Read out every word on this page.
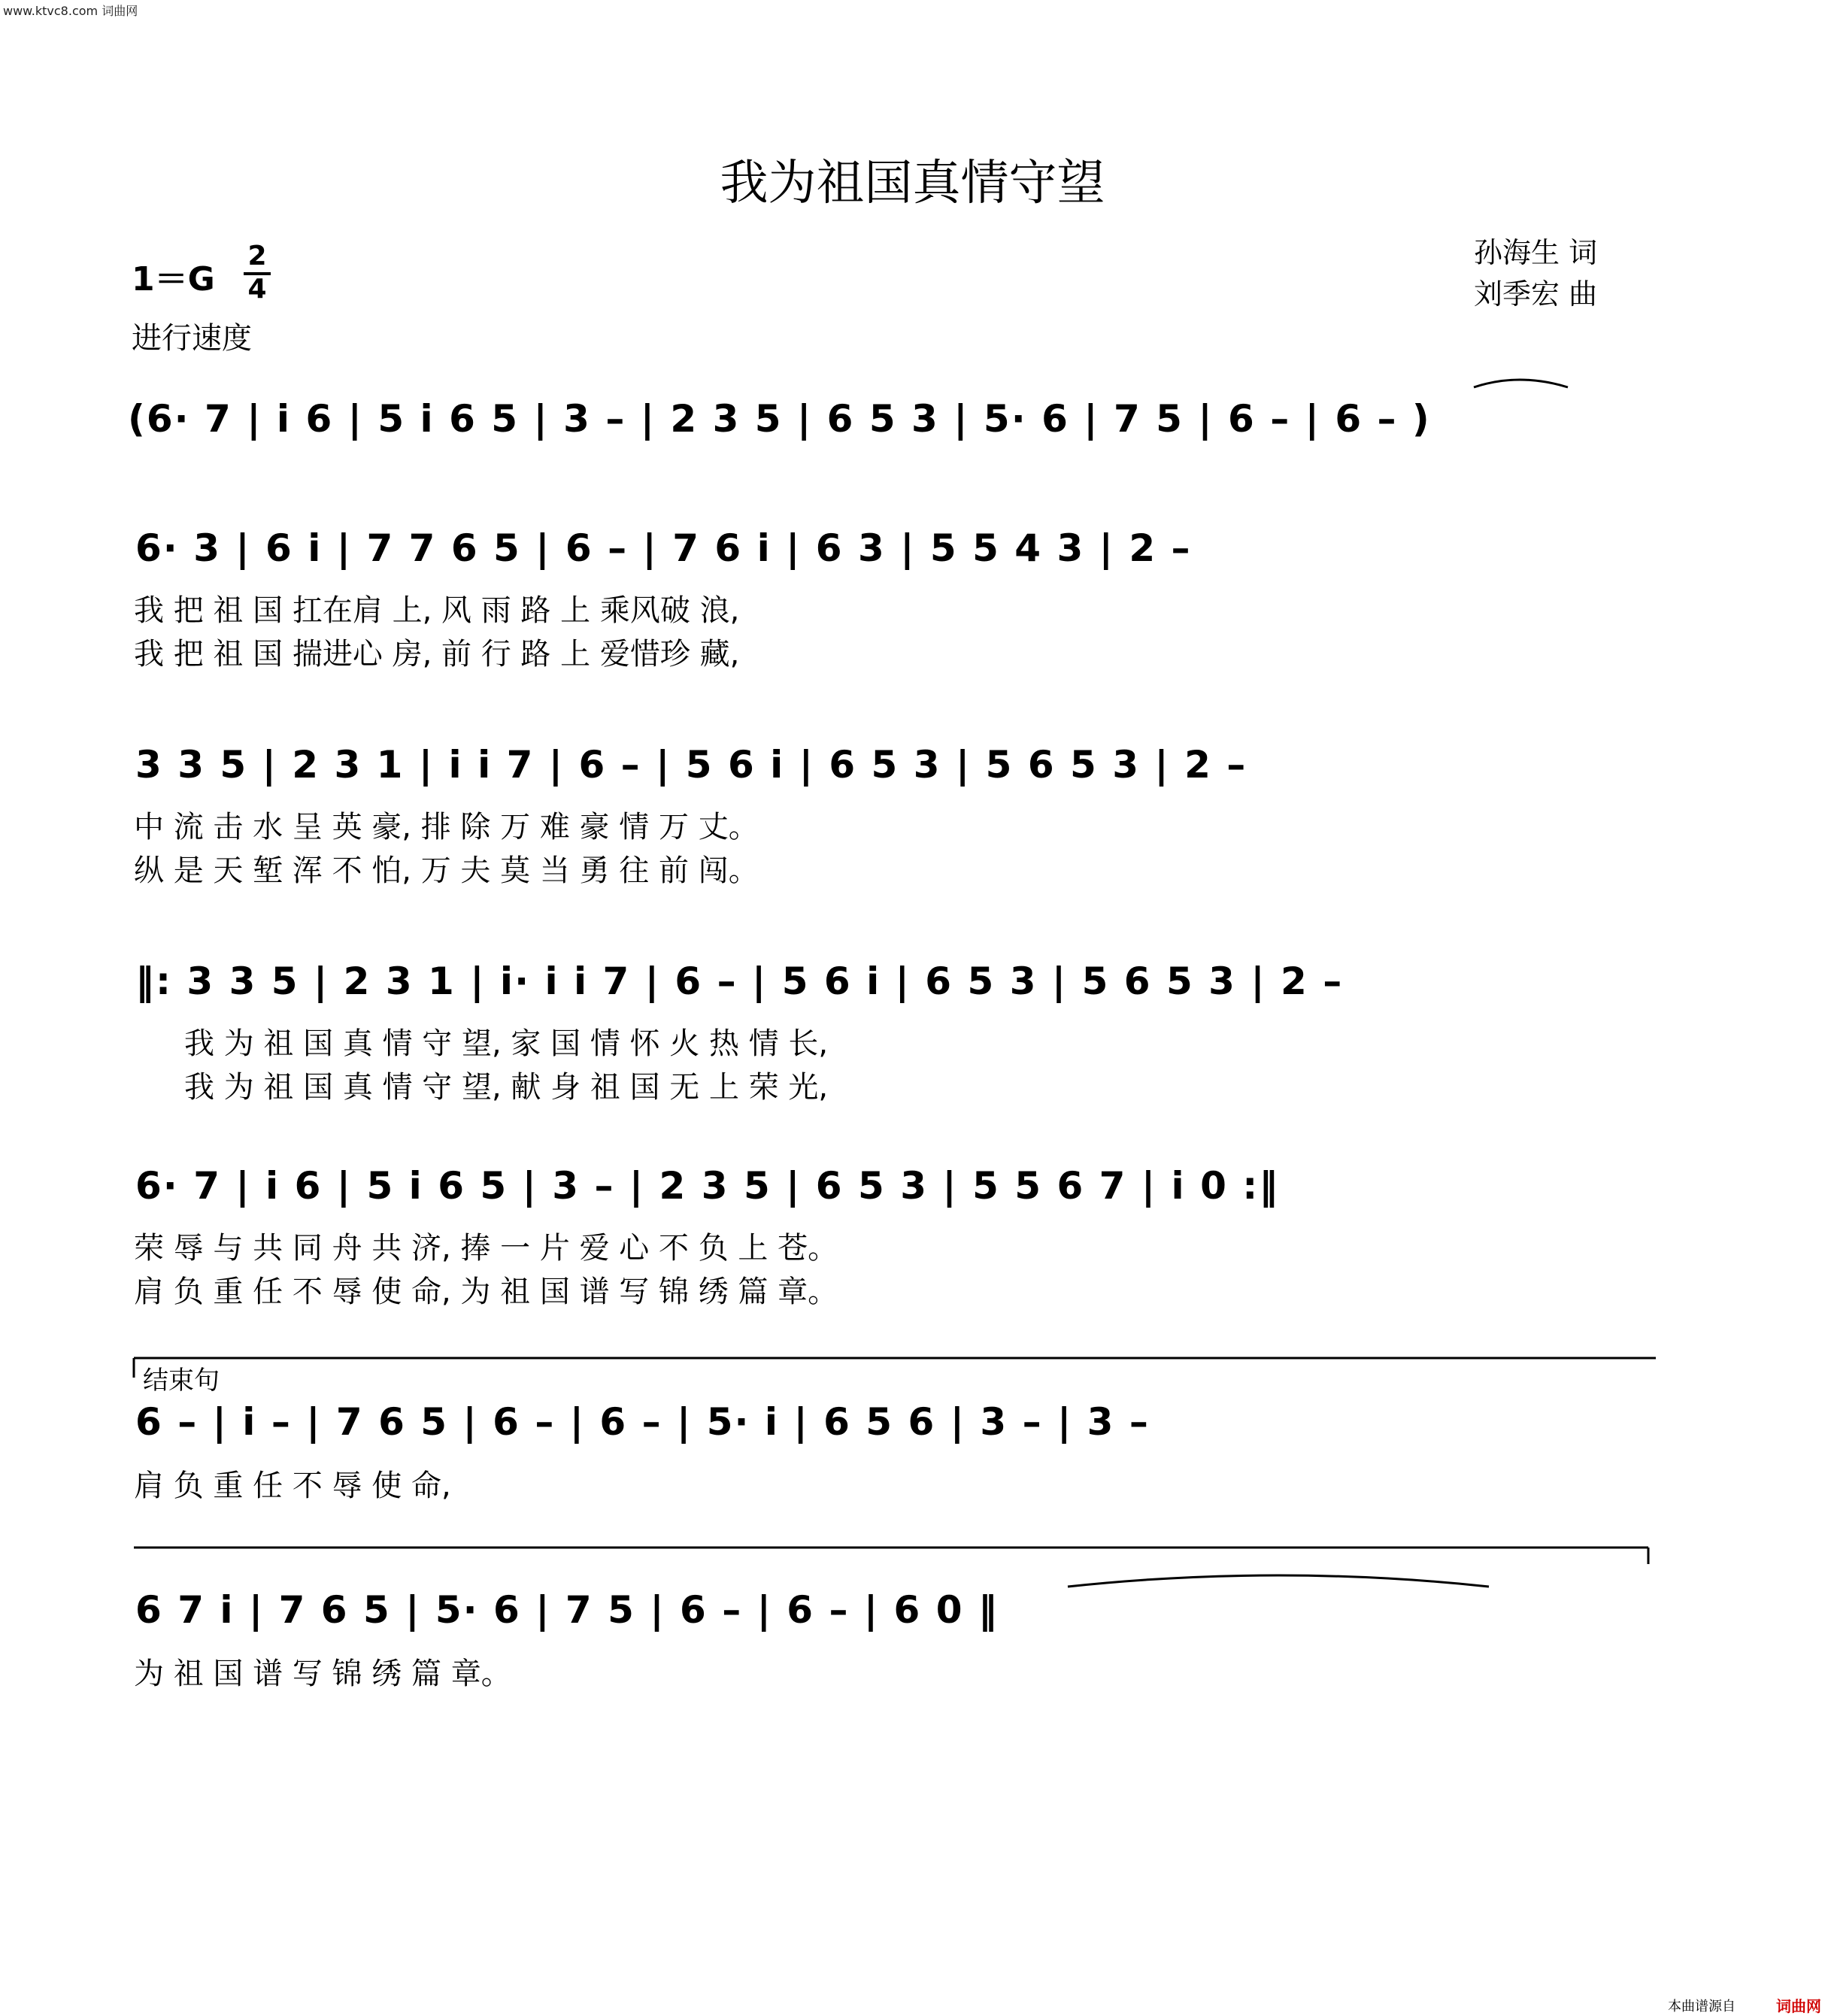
www.ktvc8.com 词曲网
我为祖国真情守望
孙海生 词
刘季宏 曲
1＝G
2
4
进行速度
(6· 7 | i 6 | 5 i 6 5 | 3 – | 2 3 5 | 6 5 3 | 5· 6 | 7 5 | 6 – | 6 – )
6· 3 | 6 i | 7 7 6 5 | 6 – | 7 6 i | 6 3 | 5 5 4 3 | 2 –
我 把 祖 国 扛在肩 上, 风 雨 路 上 乘风破 浪,
我 把 祖 国 揣进心 房, 前 行 路 上 爱惜珍 藏,
3 3 5 | 2 3 1 | i i 7 | 6 – | 5 6 i | 6 5 3 | 5 6 5 3 | 2 –
中 流 击 水 呈 英 豪, 排 除 万 难 豪 情 万 丈。
纵 是 天 堑 浑 不 怕, 万 夫 莫 当 勇 往 前 闯。
‖: 3 3 5 | 2 3 1 | i· i i 7 | 6 – | 5 6 i | 6 5 3 | 5 6 5 3 | 2 –
我 为 祖 国 真 情 守 望, 家 国 情 怀 火 热 情 长,
我 为 祖 国 真 情 守 望, 献 身 祖 国 无 上 荣 光,
6· 7 | i 6 | 5 i 6 5 | 3 – | 2 3 5 | 6 5 3 | 5 5 6 7 | i 0 :‖
荣 辱 与 共 同 舟 共 济, 捧 一 片 爱 心 不 负 上 苍。
肩 负 重 任 不 辱 使 命, 为 祖 国 谱 写 锦 绣 篇 章。
结束句
6 – | i – | 7 6 5 | 6 – | 6 – | 5· i | 6 5 6 | 3 – | 3 –
肩 负 重 任 不 辱 使 命,
6 7 i | 7 6 5 | 5· 6 | 7 5 | 6 – | 6 – | 6 0 ‖
为 祖 国 谱 写 锦 绣 篇 章。
本曲谱源自	词曲网
